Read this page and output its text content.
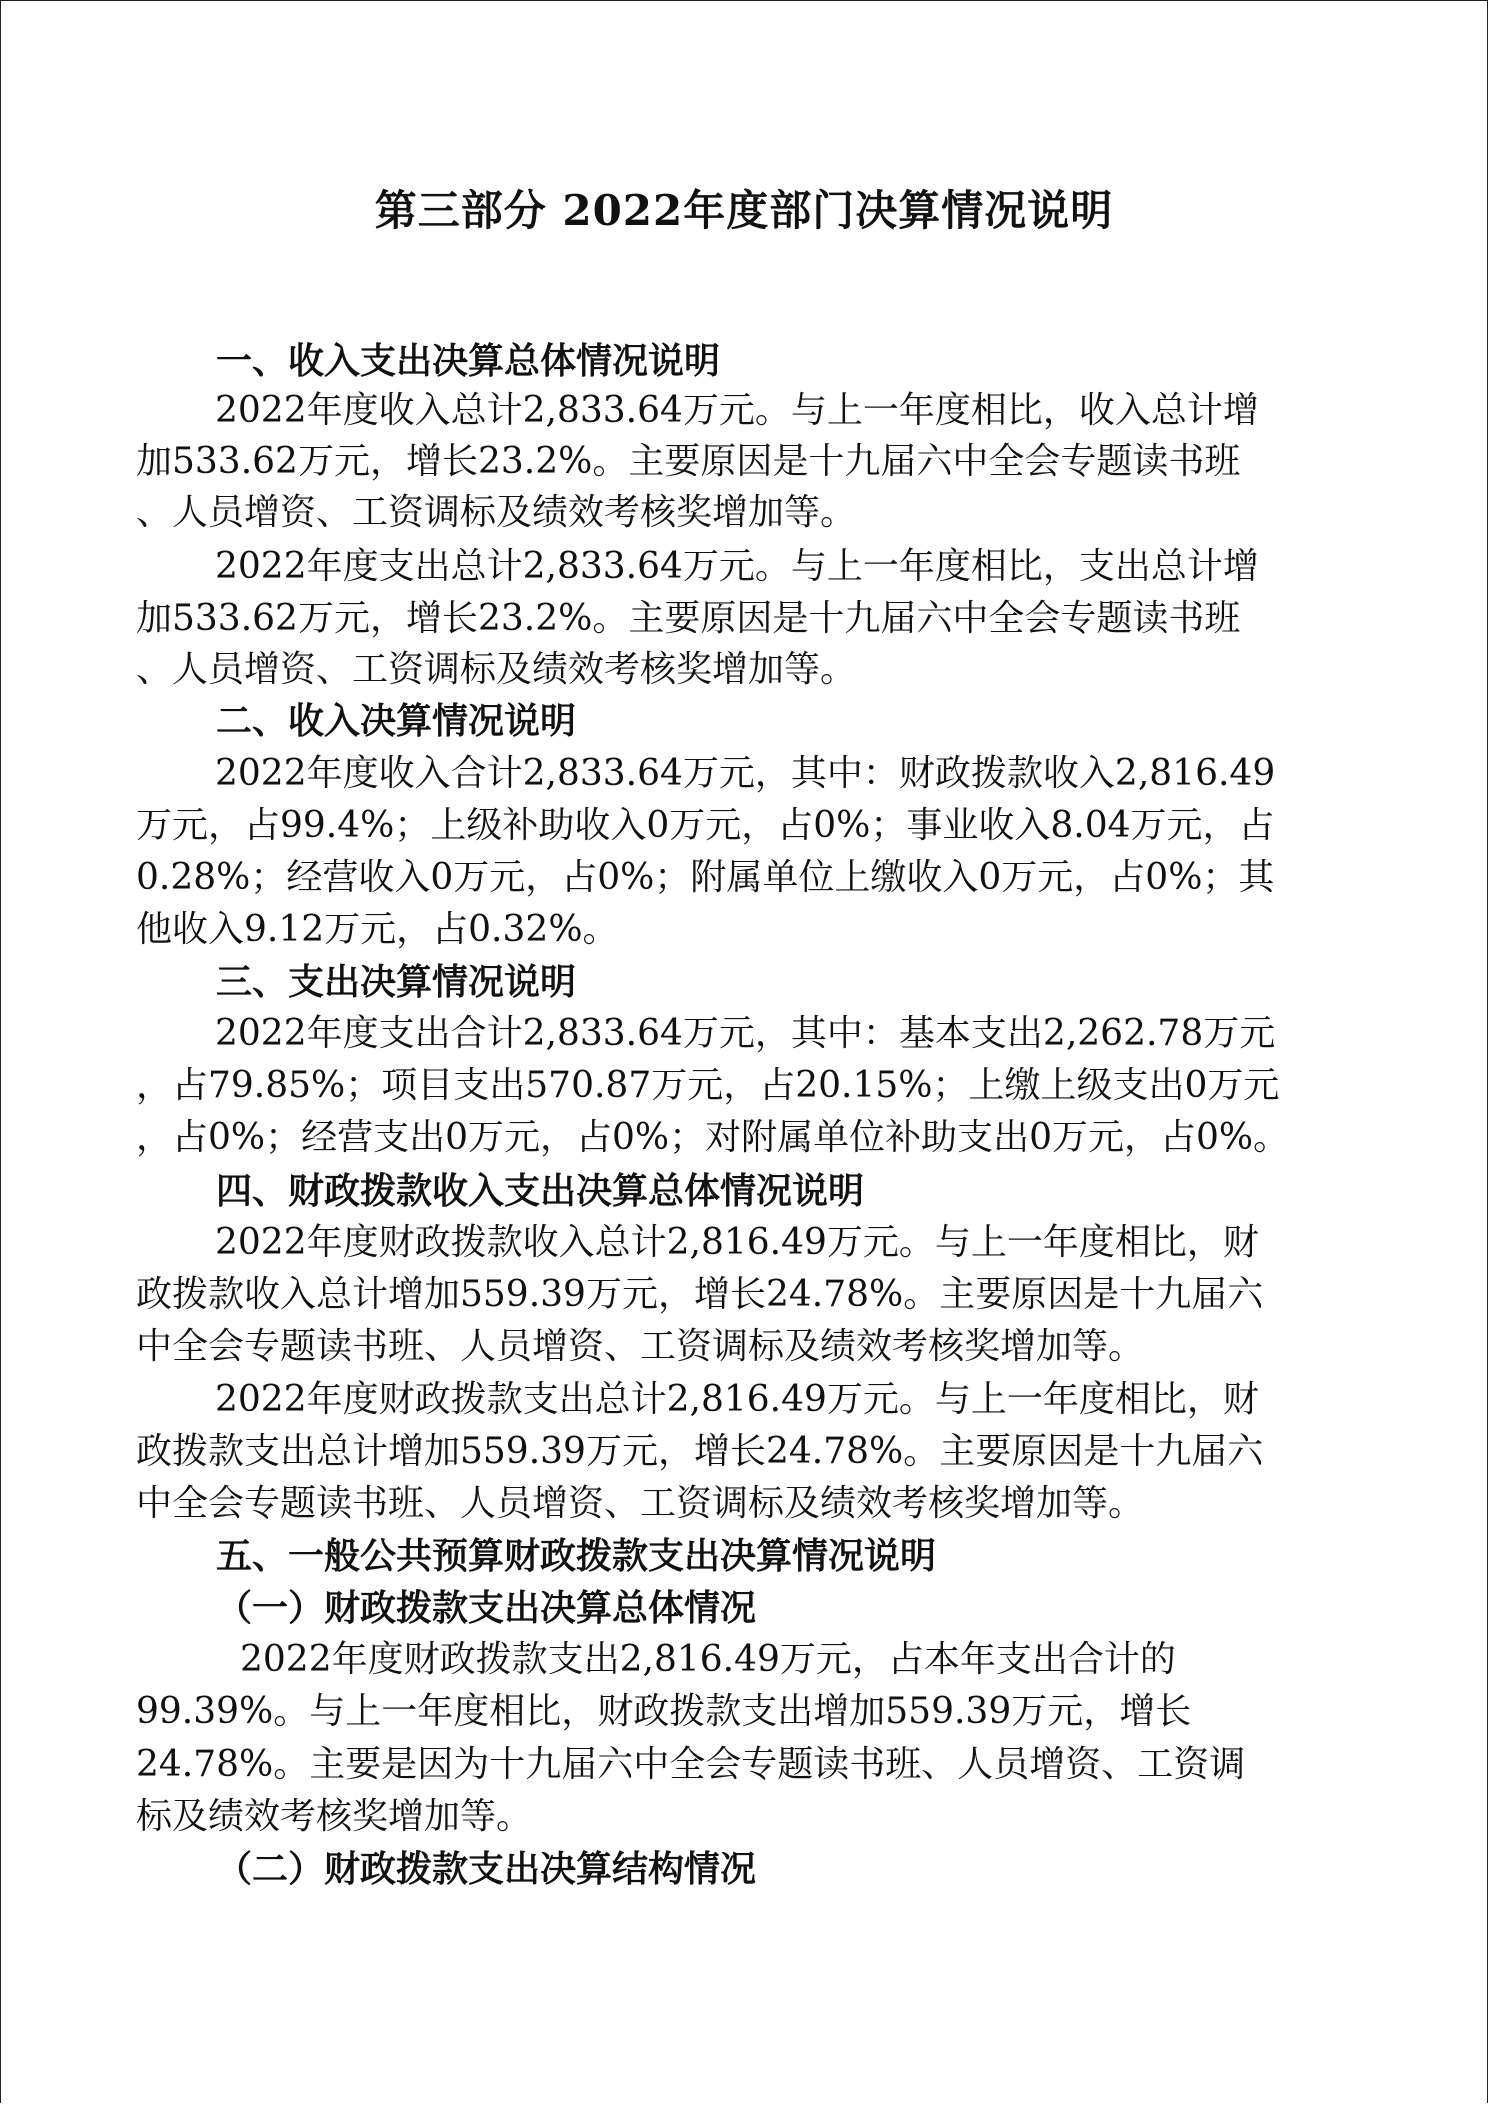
第三部分 2022年度部门决算情况说明
一、收入支出决算总体情况说明
2022年度收入总计2,833.64万元。与上一年度相比，收入总计增
加533.62万元，增长23.2%。主要原因是十九届六中全会专题读书班
、人员增资、工资调标及绩效考核奖增加等。
2022年度支出总计2,833.64万元。与上一年度相比，支出总计增
加533.62万元，增长23.2%。主要原因是十九届六中全会专题读书班
、人员增资、工资调标及绩效考核奖增加等。
二、收入决算情况说明
2022年度收入合计2,833.64万元，其中：财政拨款收入2,816.49
万元，占99.4%；上级补助收入0万元，占0%；事业收入8.04万元，占
0.28%；经营收入0万元，占0%；附属单位上缴收入0万元，占0%；其
他收入9.12万元，占0.32%。
三、支出决算情况说明
2022年度支出合计2,833.64万元，其中：基本支出2,262.78万元
，占79.85%；项目支出570.87万元，占20.15%；上缴上级支出0万元
，占0%；经营支出0万元，占0%；对附属单位补助支出0万元，占0%。
四、财政拨款收入支出决算总体情况说明
2022年度财政拨款收入总计2,816.49万元。与上一年度相比，财
政拨款收入总计增加559.39万元，增长24.78%。主要原因是十九届六
中全会专题读书班、人员增资、工资调标及绩效考核奖增加等。
2022年度财政拨款支出总计2,816.49万元。与上一年度相比，财
政拨款支出总计增加559.39万元，增长24.78%。主要原因是十九届六
中全会专题读书班、人员增资、工资调标及绩效考核奖增加等。
五、一般公共预算财政拨款支出决算情况说明
（一）财政拨款支出决算总体情况
2022年度财政拨款支出2,816.49万元，占本年支出合计的
99.39%。与上一年度相比，财政拨款支出增加559.39万元，增长
24.78%。主要是因为十九届六中全会专题读书班、人员增资、工资调
标及绩效考核奖增加等。
（二）财政拨款支出决算结构情况
